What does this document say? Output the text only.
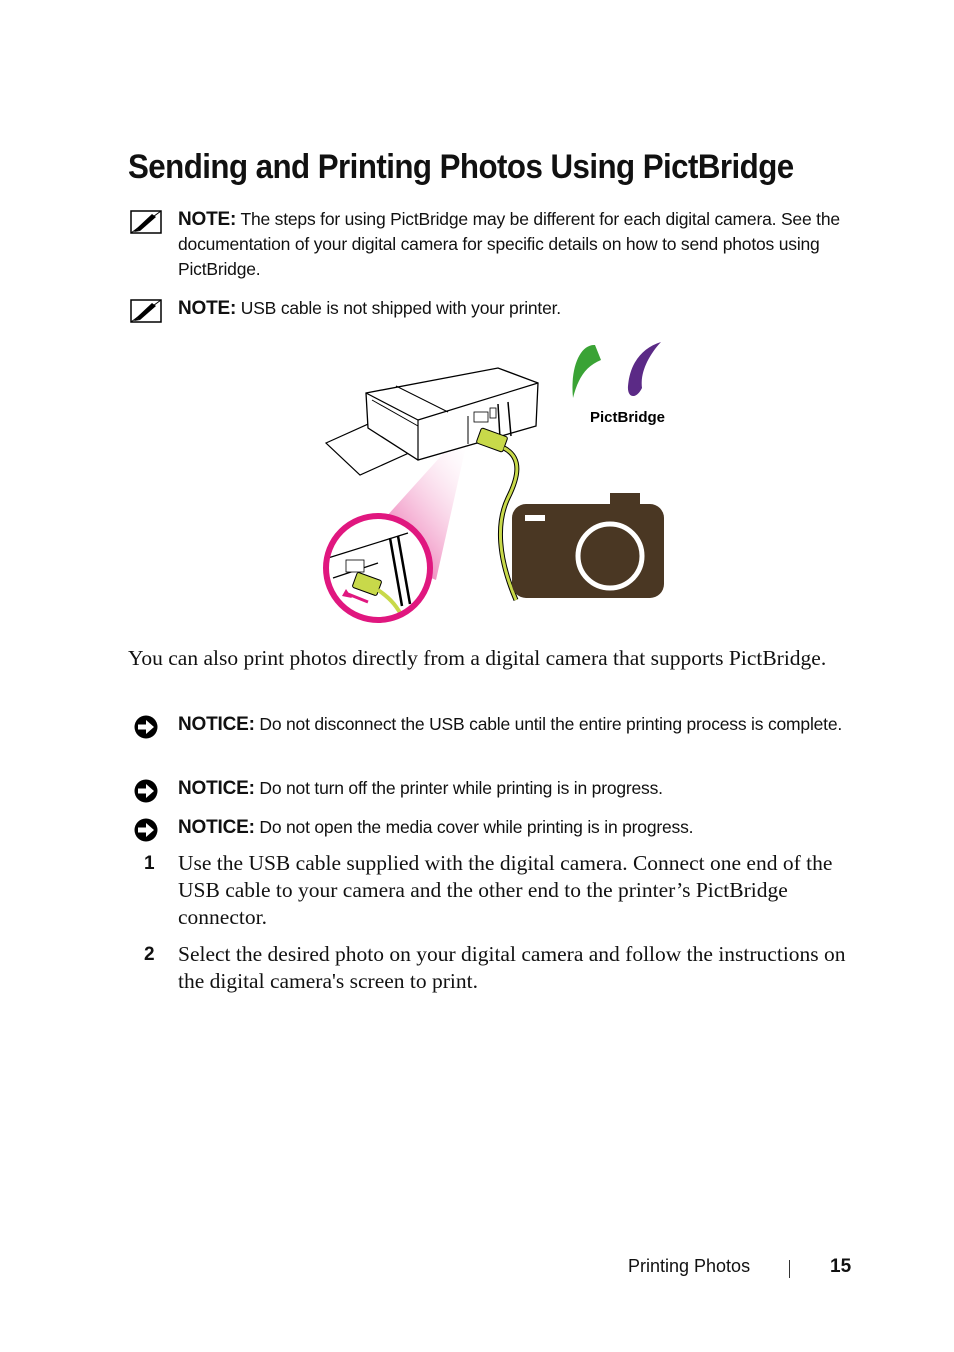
Sending and Printing Photos Using PictBridge
NOTE: The steps for using PictBridge may be different for each digital camera. See the documentation of your digital camera for specific details on how to send photos using PictBridge.
NOTE: USB cable is not shipped with your printer.
PictBridge

You can also print photos directly from a digital camera that supports PictBridge.

NOTICE: Do not disconnect the USB cable until the entire printing process is complete.
NOTICE: Do not turn off the printer while printing is in progress.
NOTICE: Do not open the media cover while printing is in progress.
1 Use the USB cable supplied with the digital camera. Connect one end of the USB cable to your camera and the other end to the printer’s PictBridge connector.
2 Select the desired photo on your digital camera and follow the instructions on the digital camera's screen to print.
Printing Photos	15
